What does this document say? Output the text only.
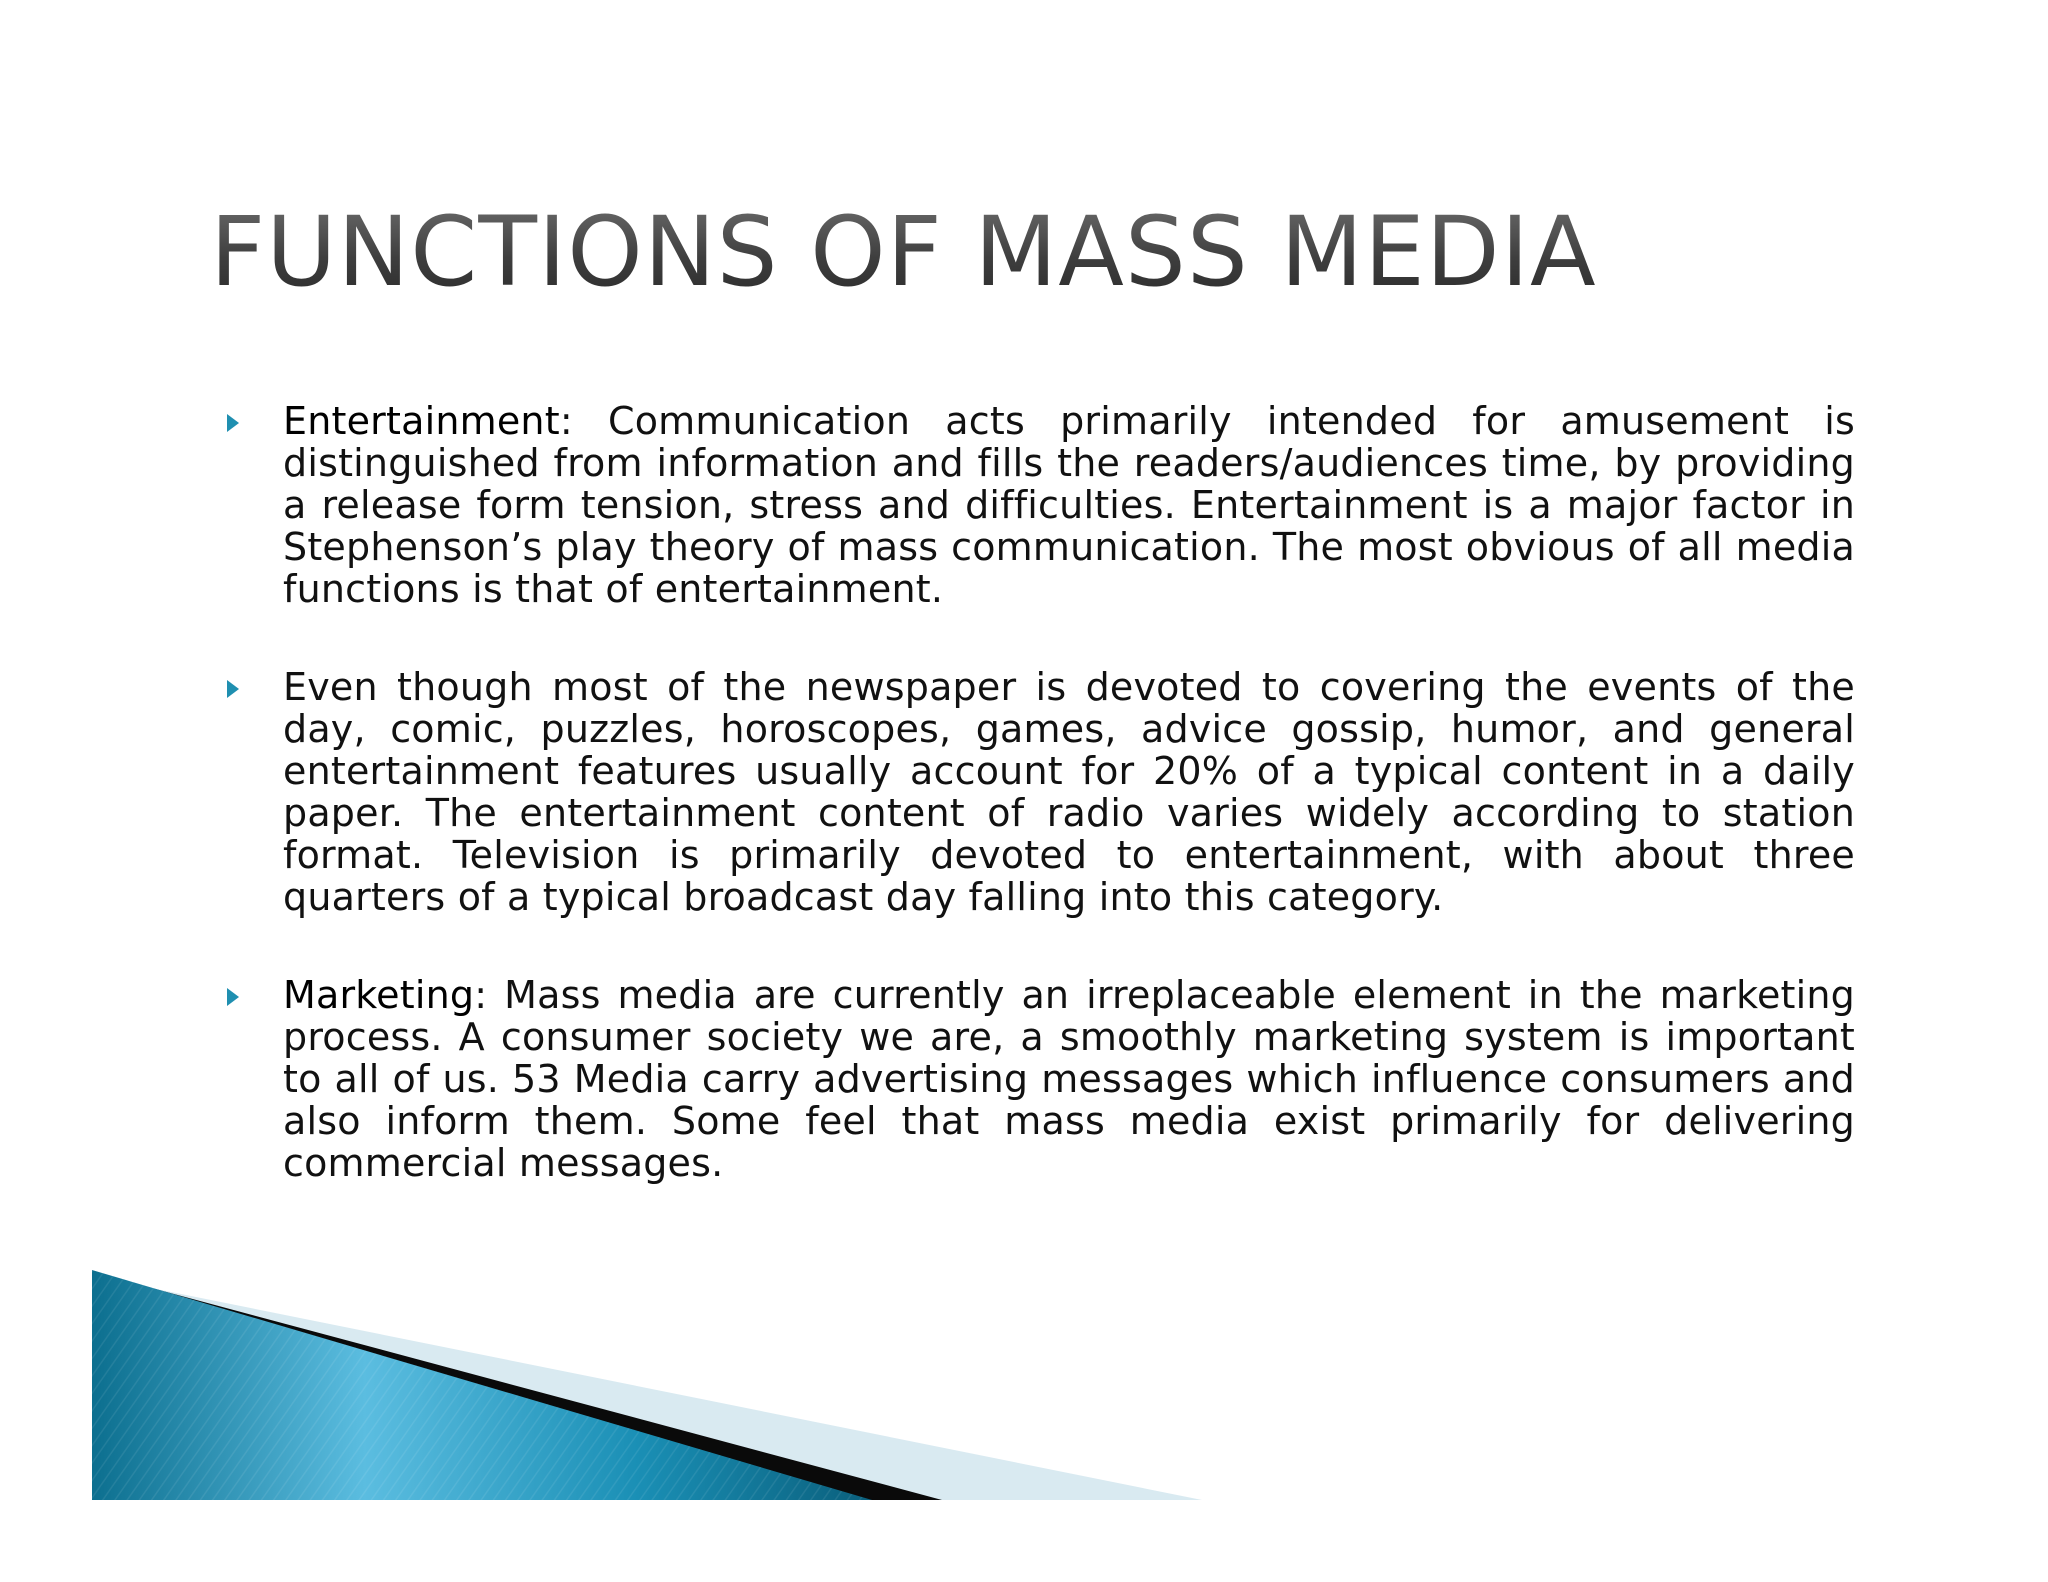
FUNCTIONS OF MASS MEDIA
Entertainment: Communication acts primarily intended for amusement is distinguished from information and fills the readers/audiences time, by providing a release form tension, stress and difficulties. Entertainment is a major factor in Stephenson’s play theory of mass communication. The most obvious of all media functions is that of entertainment.
Even though most of the newspaper is devoted to covering the events of the day, comic, puzzles, horoscopes, games, advice gossip, humor, and general entertainment features usually account for 20% of a typical content in a daily paper. The entertainment content of radio varies widely according to station format. Television is primarily devoted to entertainment, with about three quarters of a typical broadcast day falling into this category.
Marketing: Mass media are currently an irreplaceable element in the marketing process. A consumer society we are, a smoothly marketing system is important to all of us. 53 Media carry advertising messages which influence consumers and also inform them. Some feel that mass media exist primarily for delivering commercial messages.
